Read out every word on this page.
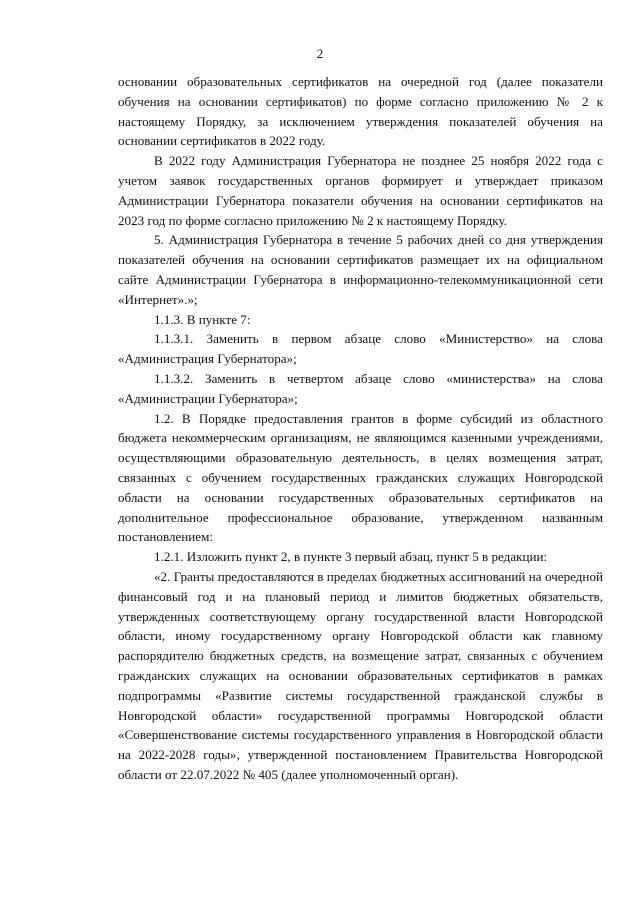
2

основании образовательных сертификатов на очередной год (далее показатели обучения на основании сертификатов) по форме согласно приложению № 2 к настоящему Порядку, за исключением утверждения показателей обучения на основании сертификатов в 2022 году.

В 2022 году Администрация Губернатора не позднее 25 ноября 2022 года с учетом заявок государственных органов формирует и утверждает приказом Администрации Губернатора показатели обучения на основании сертификатов на 2023 год по форме согласно приложению № 2 к настоящему Порядку.

5. Администрация Губернатора в течение 5 рабочих дней со дня утверждения показателей обучения на основании сертификатов размещает их на официальном сайте Администрации Губернатора в информационно-телекоммуникационной сети «Интернет».»;

1.1.3. В пункте 7:

1.1.3.1. Заменить в первом абзаце слово «Министерство» на слова «Администрация Губернатора»;

1.1.3.2. Заменить в четвертом абзаце слово «министерства» на слова «Администрации Губернатора»;

1.2. В Порядке предоставления грантов в форме субсидий из областного бюджета некоммерческим организациям, не являющимся казенными учреждениями, осуществляющими образовательную деятельность, в целях возмещения затрат, связанных с обучением государственных гражданских служащих Новгородской области на основании государственных образовательных сертификатов на дополнительное профессиональное образование, утвержденном названным постановлением:

1.2.1. Изложить пункт 2, в пункте 3 первый абзац, пункт 5 в редакции:

«2. Гранты предоставляются в пределах бюджетных ассигнований на очередной финансовый год и на плановый период и лимитов бюджетных обязательств, утвержденных соответствующему органу государственной власти Новгородской области, иному государственному органу Новгородской области как главному распорядителю бюджетных средств, на возмещение затрат, связанных с обучением гражданских служащих на основании образовательных сертификатов в рамках подпрограммы «Развитие системы государственной гражданской службы в Новгородской области» государственной программы Новгородской области «Совершенствование системы государственного управления в Новгородской области на 2022-2028 годы», утвержденной постановлением Правительства Новгородской области от 22.07.2022 № 405 (далее уполномоченный орган).
